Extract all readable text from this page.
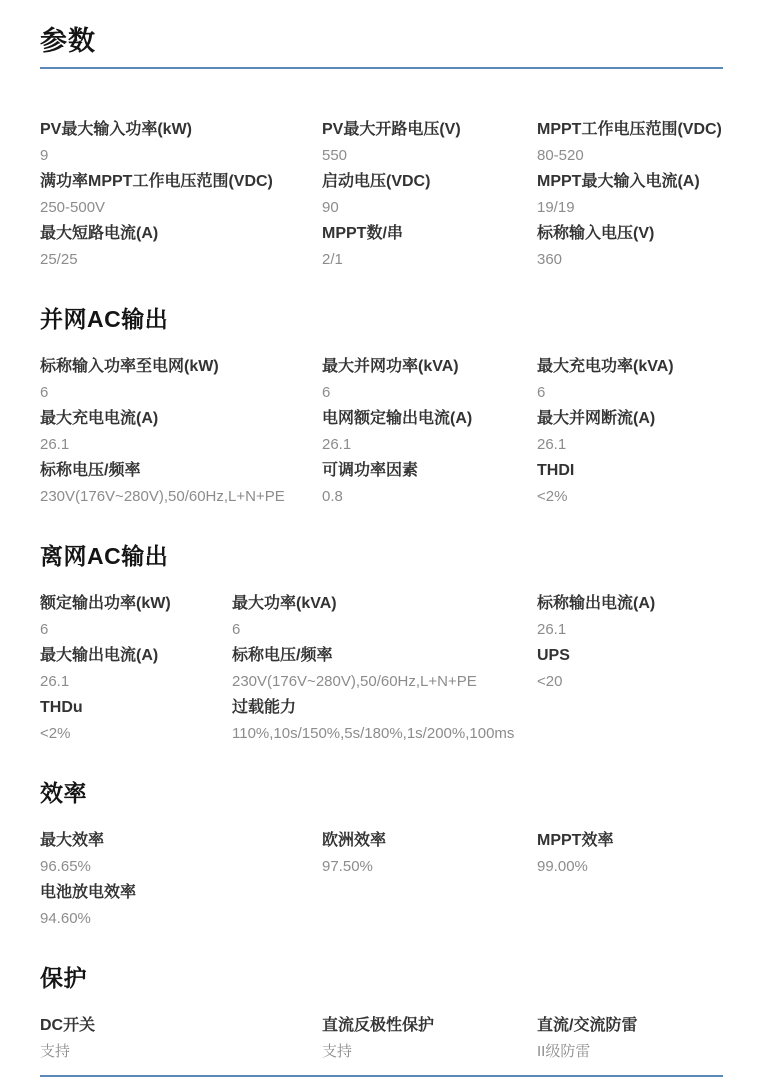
参数
PV最大输入功率(kW)
9
PV最大开路电压(V)
550
MPPT工作电压范围(VDC)
80-520
满功率MPPT工作电压范围(VDC)
250-500V
启动电压(VDC)
90
MPPT最大输入电流(A)
19/19
最大短路电流(A)
25/25
MPPT数/串
2/1
标称输入电压(V)
360
并网AC输出
标称输入功率至电网(kW)
6
最大并网功率(kVA)
6
最大充电功率(kVA)
6
最大充电电流(A)
26.1
电网额定输出电流(A)
26.1
最大并网断流(A)
26.1
标称电压/频率
230V(176V~280V),50/60Hz,L+N+PE
可调功率因素
0.8
THDI
<2%
离网AC输出
额定输出功率(kW)
6
最大功率(kVA)
6
标称输出电流(A)
26.1
最大输出电流(A)
26.1
标称电压/频率
230V(176V~280V),50/60Hz,L+N+PE
UPS
<20
THDu
<2%
过载能力
110%,10s/150%,5s/180%,1s/200%,100ms
效率
最大效率
96.65%
欧洲效率
97.50%
MPPT效率
99.00%
电池放电效率
94.60%
保护
DC开关
支持
直流反极性保护
支持
直流/交流防雷
II级防雷
